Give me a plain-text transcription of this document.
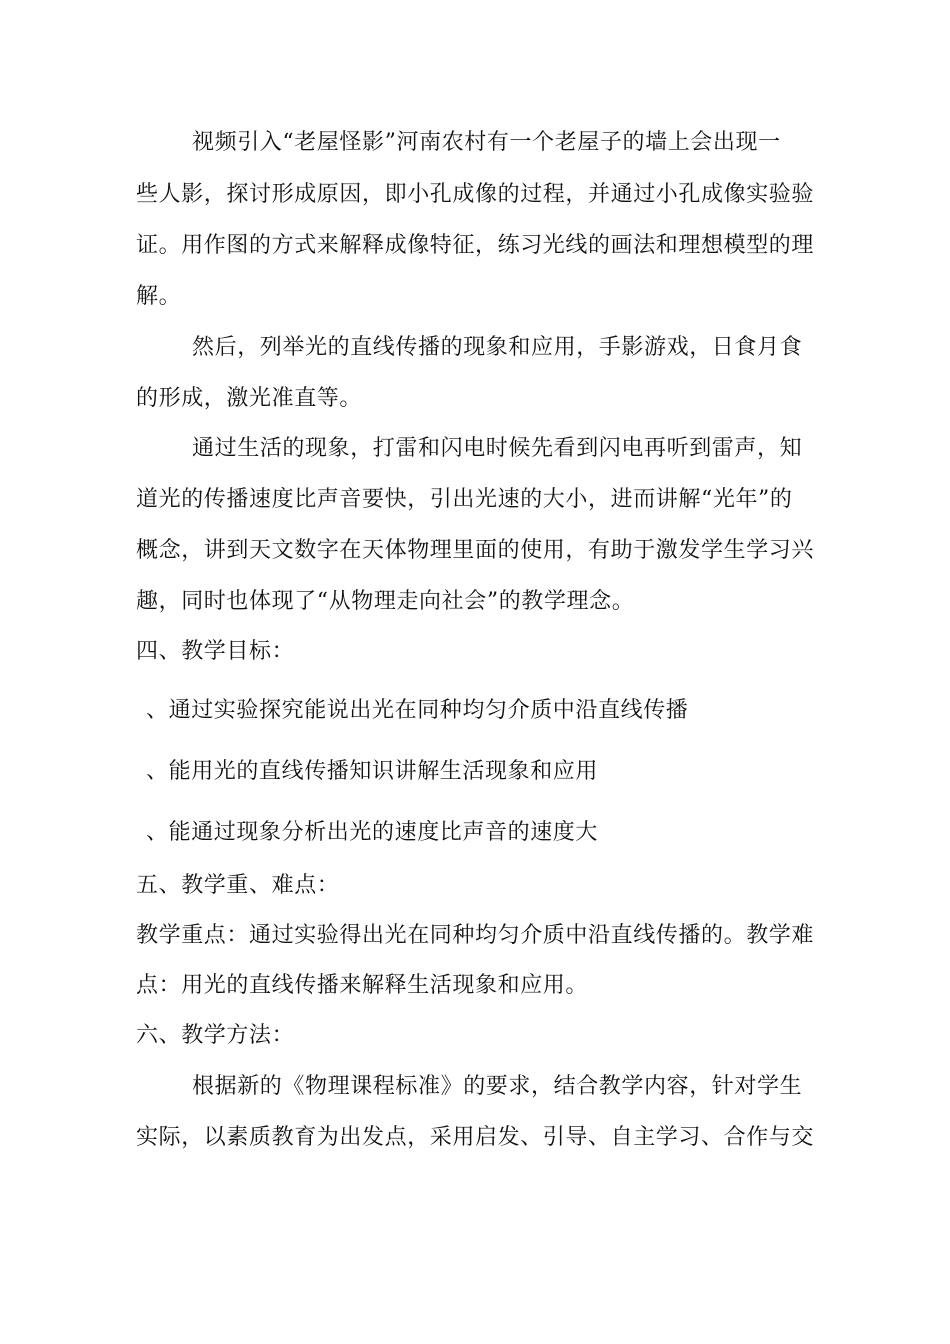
视频引入“老屋怪影”河南农村有一个老屋子的墙上会出现一
些人影，探讨形成原因，即小孔成像的过程，并通过小孔成像实验验
证。用作图的方式来解释成像特征，练习光线的画法和理想模型的理
解。
然后，列举光的直线传播的现象和应用，手影游戏，日食月食
的形成，激光准直等。
通过生活的现象，打雷和闪电时候先看到闪电再听到雷声，知
道光的传播速度比声音要快，引出光速的大小，进而讲解“光年”的
概念，讲到天文数字在天体物理里面的使用，有助于激发学生学习兴
趣，同时也体现了“从物理走向社会”的教学理念。
四、教学目标：
、通过实验探究能说出光在同种均匀介质中沿直线传播
、能用光的直线传播知识讲解生活现象和应用
、能通过现象分析出光的速度比声音的速度大
五、教学重、难点：
教学重点：通过实验得出光在同种均匀介质中沿直线传播的。教学难
点：用光的直线传播来解释生活现象和应用。
六、教学方法：
根据新的《物理课程标准》的要求，结合教学内容，针对学生
实际，以素质教育为出发点，采用启发、引导、自主学习、合作与交
